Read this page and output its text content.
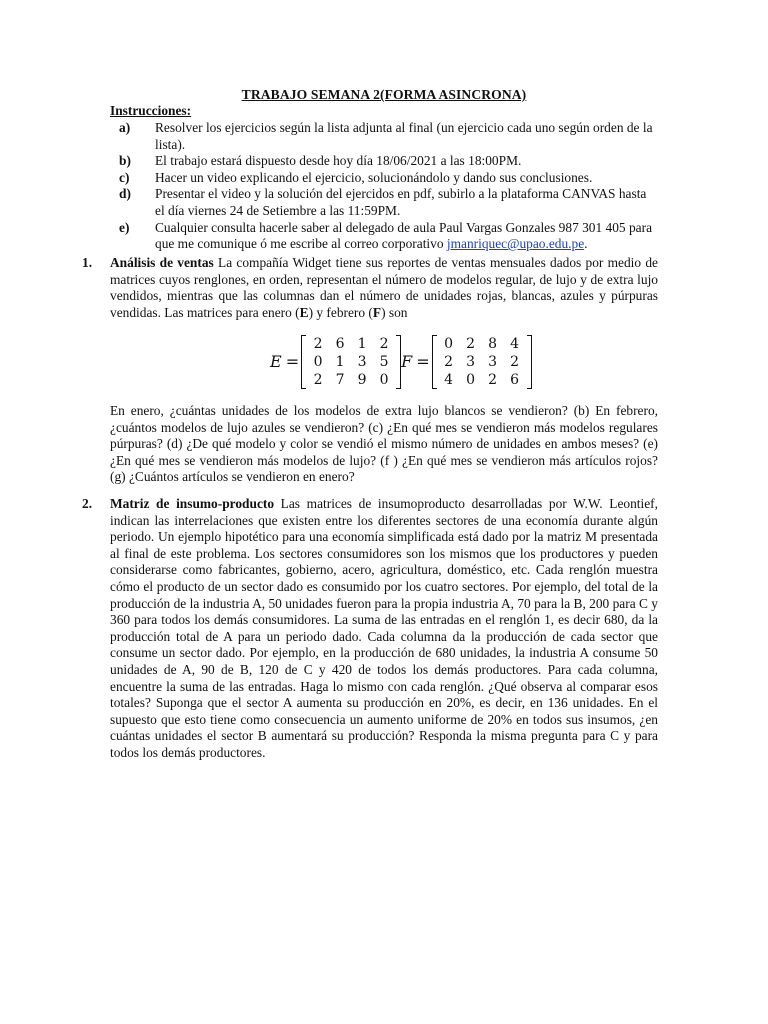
TRABAJO SEMANA 2(FORMA ASINCRONA)
Instrucciones:
a)	Resolver los ejercicios según la lista adjunta al final (un ejercicio cada uno según orden de la lista).
b)	El trabajo estará dispuesto desde hoy día 18/06/2021 a las 18:00PM.
c)	Hacer un video explicando el ejercicio, solucionándolo y dando sus conclusiones.
d)	Presentar el video y la solución del ejercidos en pdf, subirlo a la plataforma CANVAS hasta el día viernes 24 de Setiembre a las 11:59PM.
e)	Cualquier consulta hacerle saber al delegado de aula Paul Vargas Gonzales 987 301 405 para que me comunique ó me escribe al correo corporativo jmanriquec@upao.edu.pe.
1. Análisis de ventas La compañía Widget tiene sus reportes de ventas mensuales dados por medio de matrices cuyos renglones, en orden, representan el número de modelos regular, de lujo y de extra lujo vendidos, mientras que las columnas dan el número de unidades rojas, blancas, azules y púrpuras vendidas. Las matrices para enero (E) y febrero (F) son
E =
2 6 1 2
0 1 3 5
2 7 9 0
F =
0 2 8 4
2 3 3 2
4 0 2 6
En enero, ¿cuántas unidades de los modelos de extra lujo blancos se vendieron? (b) En febrero, ¿cuántos modelos de lujo azules se vendieron? (c) ¿En qué mes se vendieron más modelos regulares púrpuras? (d) ¿De qué modelo y color se vendió el mismo número de unidades en ambos meses? (e) ¿En qué mes se vendieron más modelos de lujo? (f ) ¿En qué mes se vendieron más artículos rojos? (g) ¿Cuántos artículos se vendieron en enero?
2. Matriz de insumo-producto Las matrices de insumoproducto desarrolladas por W.W. Leontief, indican las interrelaciones que existen entre los diferentes sectores de una economía durante algún periodo. Un ejemplo hipotético para una economía simplificada está dado por la matriz M presentada al final de este problema. Los sectores consumidores son los mismos que los productores y pueden considerarse como fabricantes, gobierno, acero, agricultura, doméstico, etc. Cada renglón muestra cómo el producto de un sector dado es consumido por los cuatro sectores. Por ejemplo, del total de la producción de la industria A, 50 unidades fueron para la propia industria A, 70 para la B, 200 para C y 360 para todos los demás consumidores. La suma de las entradas en el renglón 1, es decir 680, da la producción total de A para un periodo dado. Cada columna da la producción de cada sector que consume un sector dado. Por ejemplo, en la producción de 680 unidades, la industria A consume 50 unidades de A, 90 de B, 120 de C y 420 de todos los demás productores. Para cada columna, encuentre la suma de las entradas. Haga lo mismo con cada renglón. ¿Qué observa al comparar esos totales? Suponga que el sector A aumenta su producción en 20%, es decir, en 136 unidades. En el supuesto que esto tiene como consecuencia un aumento uniforme de 20% en todos sus insumos, ¿en cuántas unidades el sector B aumentará su producción? Responda la misma pregunta para C y para todos los demás productores.
